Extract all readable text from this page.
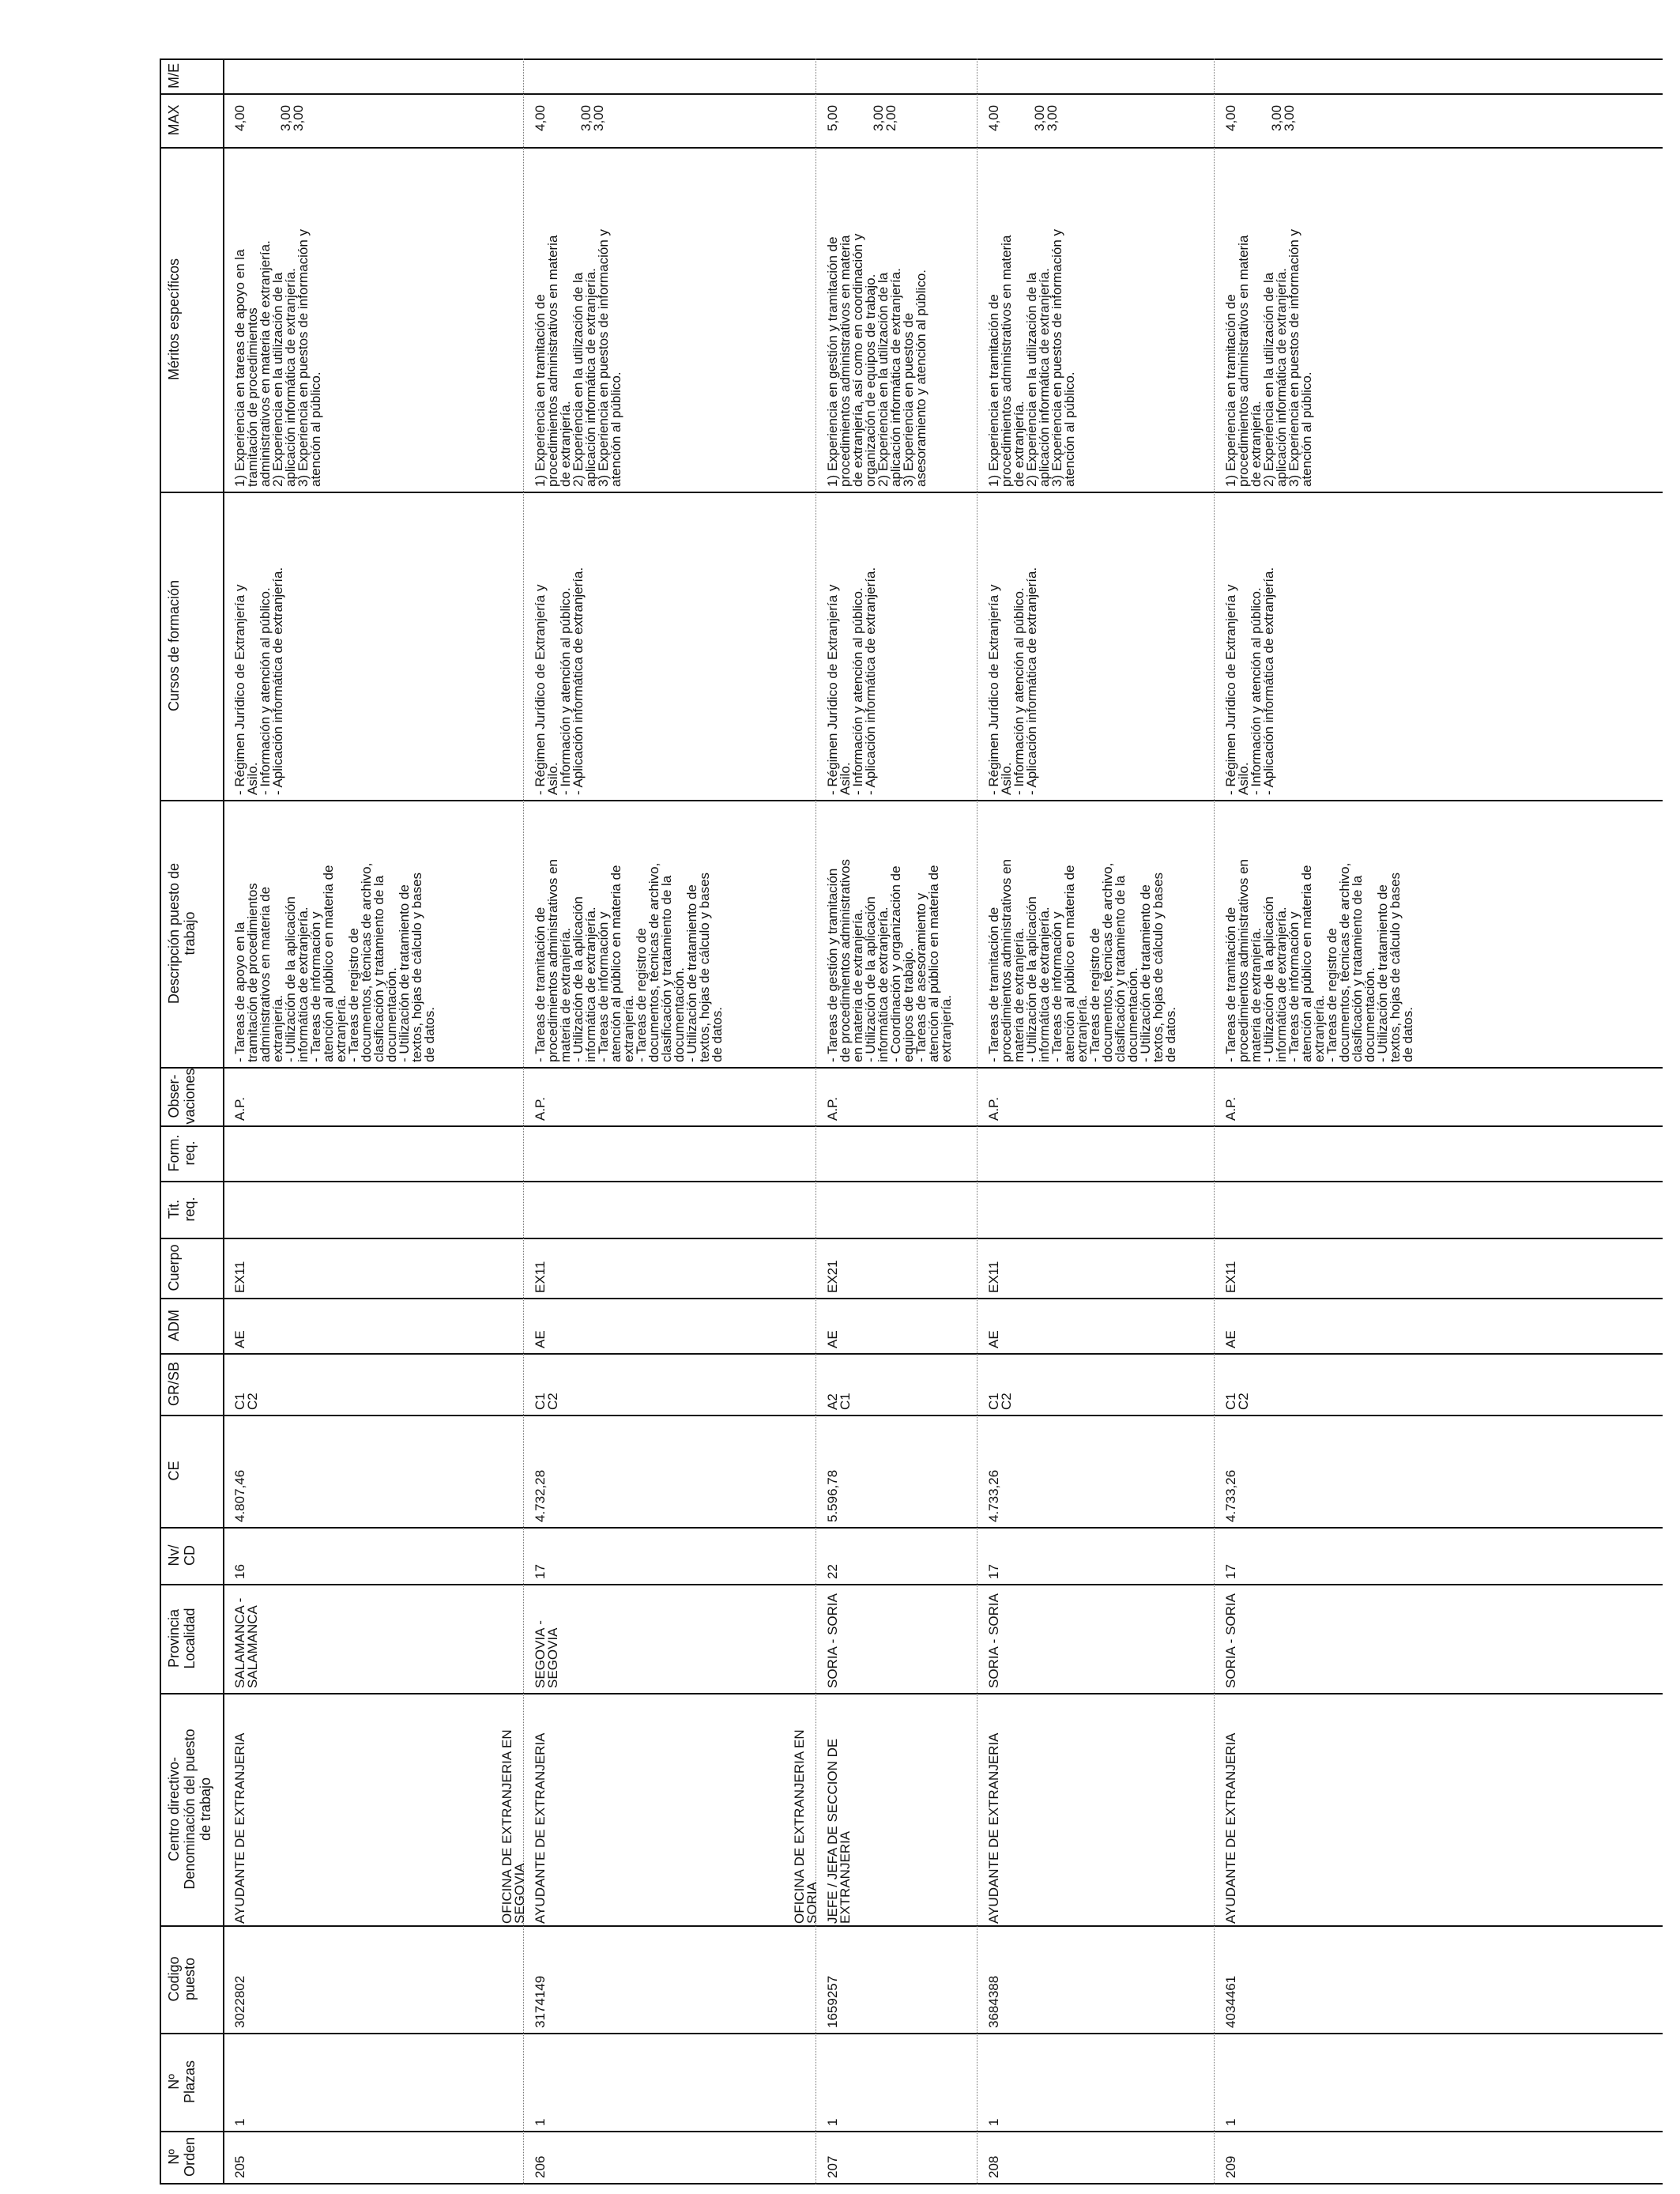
Nº
Orden
Nº
Plazas
Codigo
puesto
Centro directivo-
Denominación del puesto
de trabajo
Provincia
Localidad
Nv/
CD
CE
GR/SB
ADM
Cuerpo
Tit.
req.
Form.
req.
Obser-
vaciones
Descripción puesto de
trabajo
Cursos de formación
Méritos específicos
MAX
M/E
205
1
3022802
SALAMANCA -
SALAMANCA
16
4.807,46
C1
C2
AE
EX11
A.P.
AYUDANTE DE EXTRANJERIA
- Tareas de apoyo en la
tramitación de procedimientos
administrativos en materia de
extranjería.
- Utilización de la aplicación
informática de extranjería.
- Tareas de información y
atención al público en materia de
extranjería.
- Tareas de registro de
documentos, técnicas de archivo,
clasificación y tratamiento de la
documentación.
- Utilización de tratamiento de
textos, hojas de cálculo y bases
de datos.
- Régimen Jurídico de Extranjería y
Asilo.
- Información y atención al público.
- Aplicación informática de extranjería.
1) Experiencia en tareas de apoyo en la
tramitación de procedimientos
administrativos en materia de extranjería.
2) Experiencia en la utilización de la
aplicación informática de extranjería.
3) Experiencia en puestos de información y
atención al público.
4,00 3,00
3,00
206
1
3174149
SEGOVIA -
SEGOVIA
17
4.732,28
C1
C2
AE
EX11
A.P.
OFICINA DE EXTRANJERIA EN
SEGOVIA AYUDANTE DE EXTRANJERIA
- Tareas de tramitación de
procedimientos administrativos en
materia de extranjería.
- Utilización de la aplicación
informática de extranjería.
- Tareas de información y
atención al público en materia de
extranjería.
- Tareas de registro de
documentos, técnicas de archivo,
clasificación y tratamiento de la
documentación.
- Utilización de tratamiento de
textos, hojas de cálculo y bases
de datos.
- Régimen Jurídico de Extranjería y
Asilo.
- Información y atención al público.
- Aplicación informática de extranjería.
1) Experiencia en tramitación de
procedimientos administrativos en materia
de extranjería.
2) Experiencia en la utilización de la
aplicación informática de extranjería.
3) Experiencia en puestos de información y
atención al público.
4,00 3,00
3,00
207
1
1659257
SORIA - SORIA
22
5.596,78
A2
C1
AE
EX21
A.P.
OFICINA DE EXTRANJERIA EN
SORIA JEFE / JEFA DE SECCION DE
EXTRANJERIA
- Tareas de gestión y tramitación
de procedimientos administrativos
en materia de extranjería.
- Utilización de la aplicación
informática de extranjería.
- Coordinación y organización de
equipos de trabajo.
- Tareas de asesoramiento y
atención al público en materia de
extranjería.
- Régimen Jurídico de Extranjería y
Asilo.
- Información y atención al público.
- Aplicación informática de extranjería.
1) Experiencia en gestión y tramitación de
procedimientos administrativos en materia
de extranjería, así como en coordinación y
organización de equipos de trabajo.
2) Experiencia en la utilización de la
aplicación informática de extranjería.
3) Experiencia en puestos de
asesoramiento y atención al público.
5,00 3,00
2,00
208
1
3684388
SORIA - SORIA
17
4.733,26
C1
C2
AE
EX11
A.P.
AYUDANTE DE EXTRANJERIA
- Tareas de tramitación de
procedimientos administrativos en
materia de extranjería.
- Utilización de la aplicación
informática de extranjería.
- Tareas de información y
atención al público en materia de
extranjería.
- Tareas de registro de
documentos, técnicas de archivo,
clasificación y tratamiento de la
documentación.
- Utilización de tratamiento de
textos, hojas de cálculo y bases
de datos.
- Régimen Jurídico de Extranjería y
Asilo.
- Información y atención al público.
- Aplicación informática de extranjería.
1) Experiencia en tramitación de
procedimientos administrativos en materia
de extranjería.
2) Experiencia en la utilización de la
aplicación informática de extranjería.
3) Experiencia en puestos de información y
atención al público.
4,00 3,00
3,00
209
1
4034461
SORIA - SORIA
17
4.733,26
C1
C2
AE
EX11
A.P.
AYUDANTE DE EXTRANJERIA
- Tareas de tramitación de
procedimientos administrativos en
materia de extranjería.
- Utilización de la aplicación
informática de extranjería.
- Tareas de información y
atención al público en materia de
extranjería.
- Tareas de registro de
documentos, técnicas de archivo,
clasificación y tratamiento de la
documentación.
- Utilización de tratamiento de
textos, hojas de cálculo y bases
de datos.
- Régimen Jurídico de Extranjería y
Asilo.
- Información y atención al público.
- Aplicación informática de extranjería.
1) Experiencia en tramitación de
procedimientos administrativos en materia
de extranjería.
2) Experiencia en la utilización de la
aplicación informática de extranjería.
3) Experiencia en puestos de información y
atención al público.
4,00 3,00
3,00
